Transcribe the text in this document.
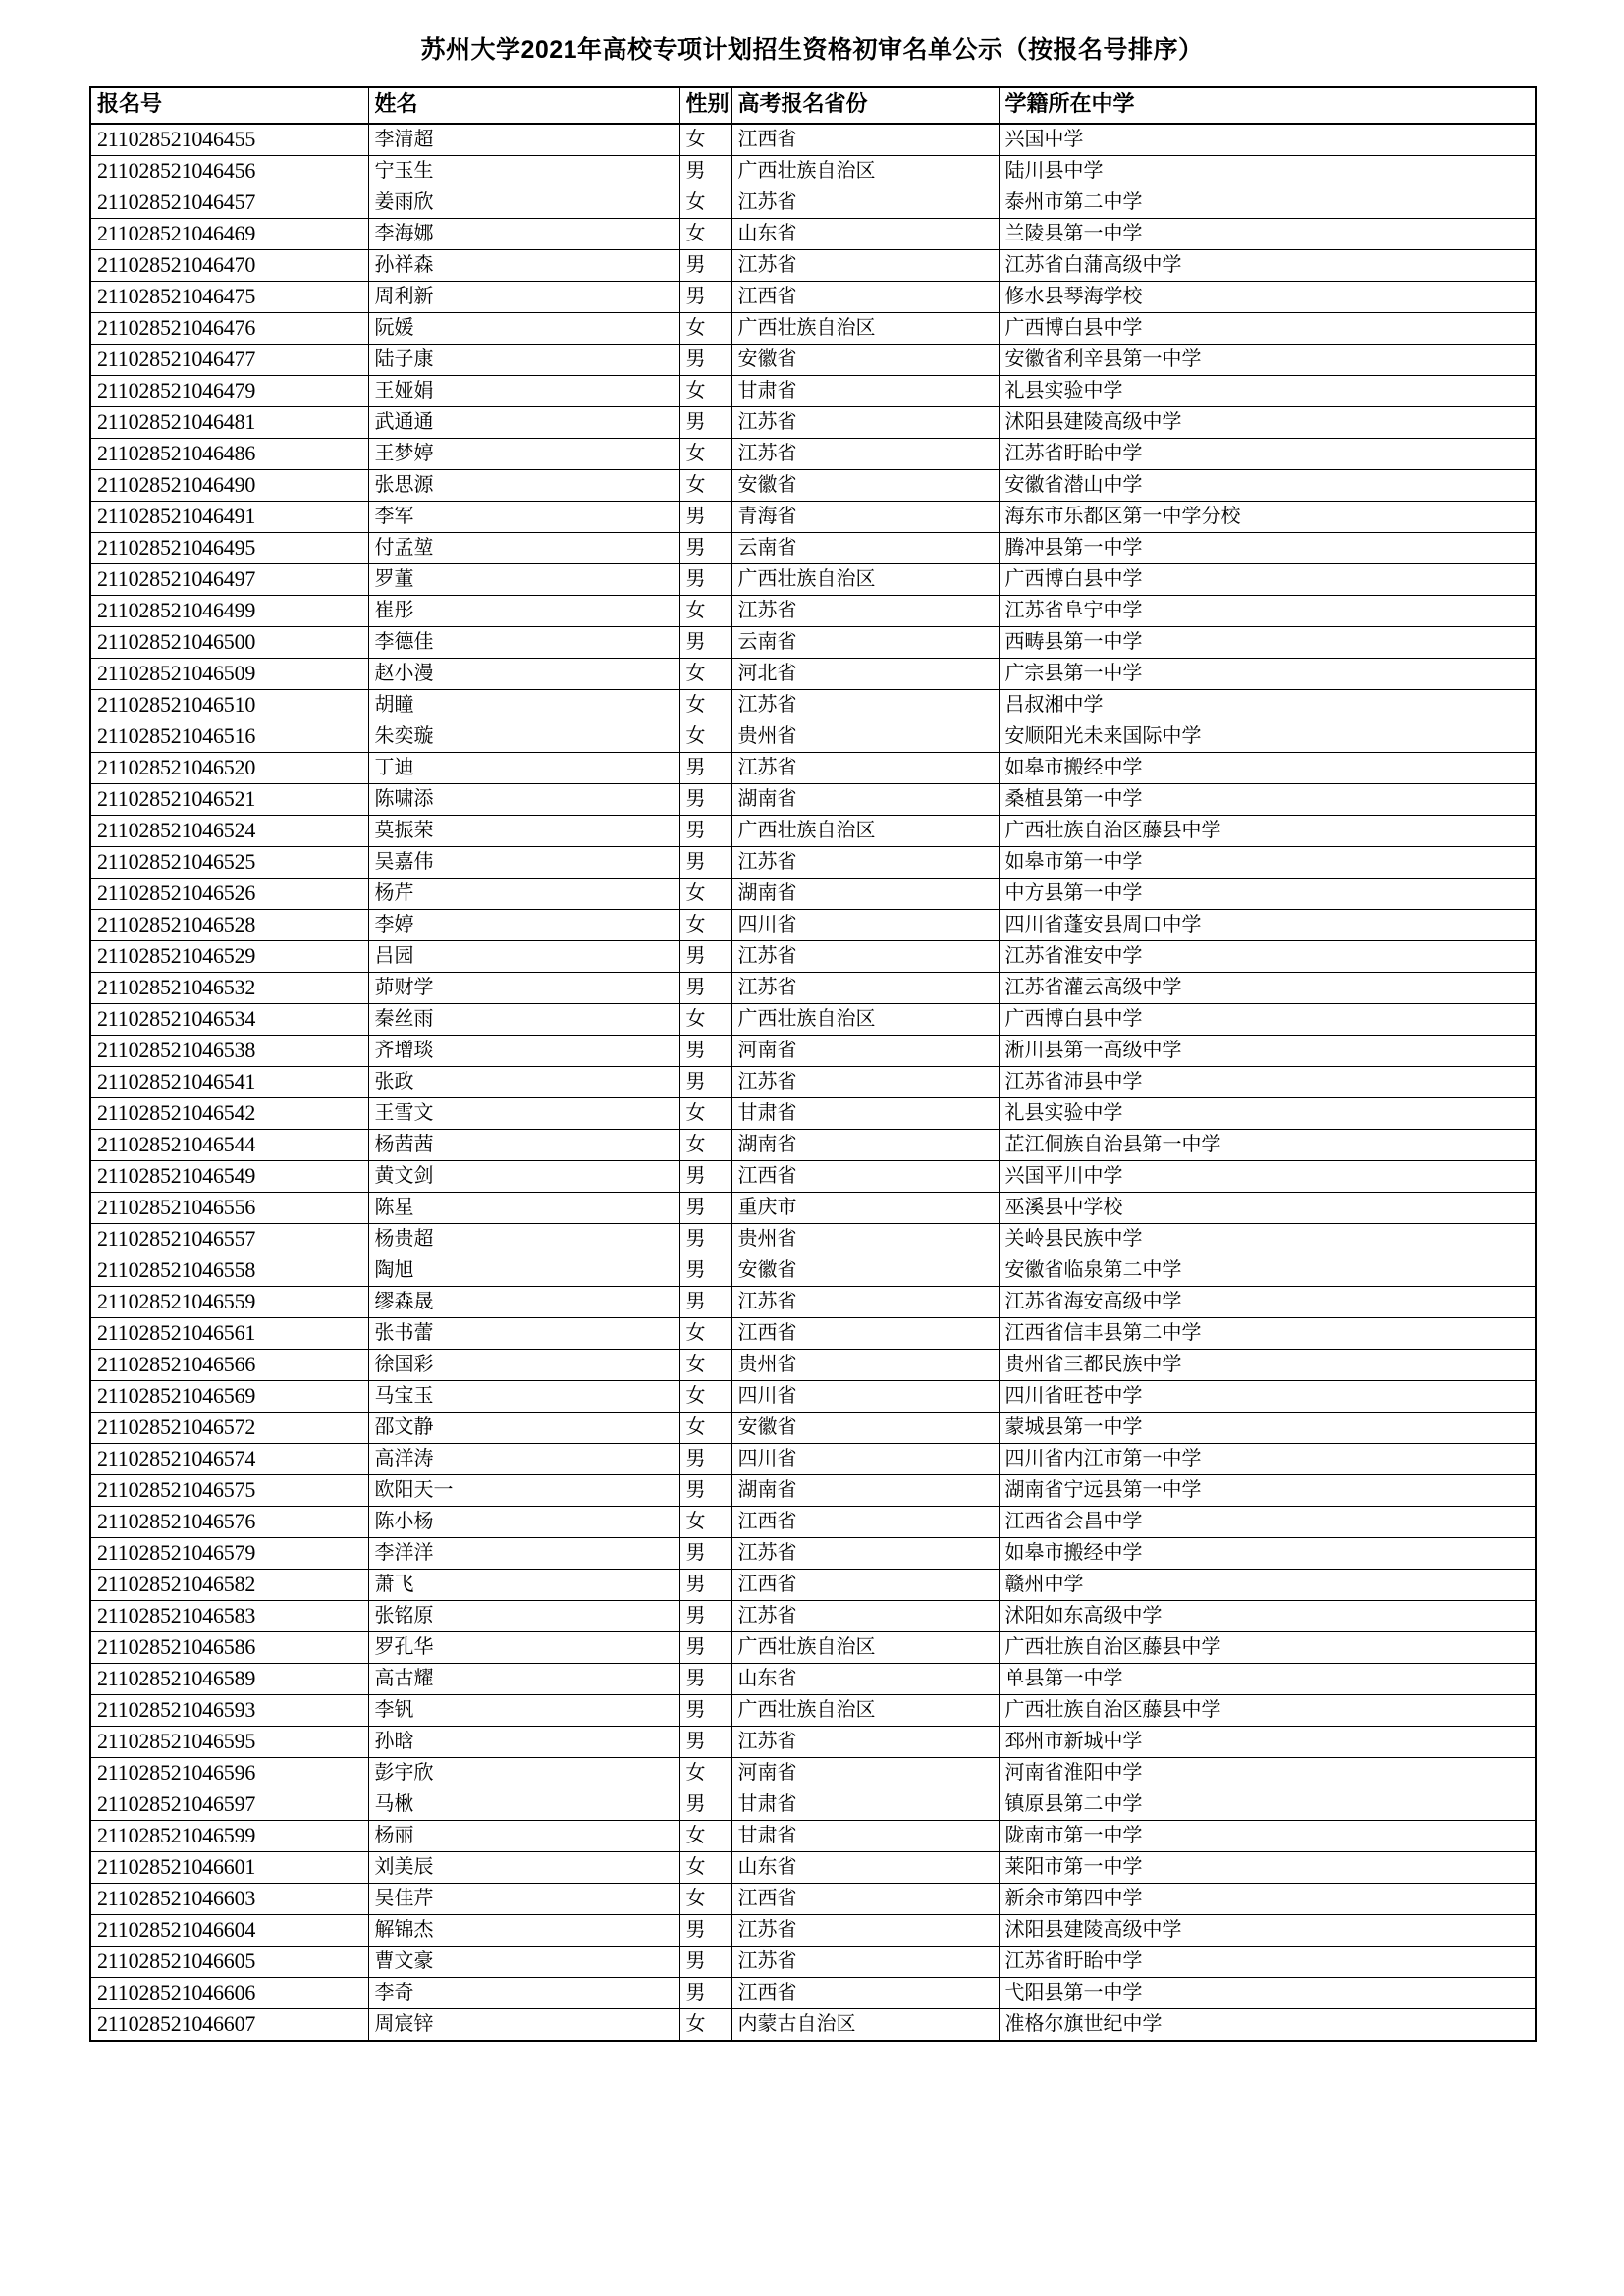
苏州大学2021年高校专项计划招生资格初审名单公示（按报名号排序）
报名号	姓名	性别	高考报名省份	学籍所在中学
211028521046455	李清超	女	江西省	兴国中学
211028521046456	宁玉生	男	广西壮族自治区	陆川县中学
211028521046457	姜雨欣	女	江苏省	泰州市第二中学
211028521046469	李海娜	女	山东省	兰陵县第一中学
211028521046470	孙祥森	男	江苏省	江苏省白蒲高级中学
211028521046475	周利新	男	江西省	修水县琴海学校
211028521046476	阮媛	女	广西壮族自治区	广西博白县中学
211028521046477	陆子康	男	安徽省	安徽省利辛县第一中学
211028521046479	王娅娟	女	甘肃省	礼县实验中学
211028521046481	武通通	男	江苏省	沭阳县建陵高级中学
211028521046486	王梦婷	女	江苏省	江苏省盱眙中学
211028521046490	张思源	女	安徽省	安徽省潜山中学
211028521046491	李军	男	青海省	海东市乐都区第一中学分校
211028521046495	付孟堃	男	云南省	腾冲县第一中学
211028521046497	罗董	男	广西壮族自治区	广西博白县中学
211028521046499	崔彤	女	江苏省	江苏省阜宁中学
211028521046500	李德佳	男	云南省	西畴县第一中学
211028521046509	赵小漫	女	河北省	广宗县第一中学
211028521046510	胡瞳	女	江苏省	吕叔湘中学
211028521046516	朱奕璇	女	贵州省	安顺阳光未来国际中学
211028521046520	丁迪	男	江苏省	如皋市搬经中学
211028521046521	陈啸添	男	湖南省	桑植县第一中学
211028521046524	莫振荣	男	广西壮族自治区	广西壮族自治区藤县中学
211028521046525	吴嘉伟	男	江苏省	如皋市第一中学
211028521046526	杨芹	女	湖南省	中方县第一中学
211028521046528	李婷	女	四川省	四川省蓬安县周口中学
211028521046529	吕园	男	江苏省	江苏省淮安中学
211028521046532	茆财学	男	江苏省	江苏省灌云高级中学
211028521046534	秦丝雨	女	广西壮族自治区	广西博白县中学
211028521046538	齐增琰	男	河南省	淅川县第一高级中学
211028521046541	张政	男	江苏省	江苏省沛县中学
211028521046542	王雪文	女	甘肃省	礼县实验中学
211028521046544	杨茜茜	女	湖南省	芷江侗族自治县第一中学
211028521046549	黄文剑	男	江西省	兴国平川中学
211028521046556	陈星	男	重庆市	巫溪县中学校
211028521046557	杨贵超	男	贵州省	关岭县民族中学
211028521046558	陶旭	男	安徽省	安徽省临泉第二中学
211028521046559	缪森晟	男	江苏省	江苏省海安高级中学
211028521046561	张书蕾	女	江西省	江西省信丰县第二中学
211028521046566	徐国彩	女	贵州省	贵州省三都民族中学
211028521046569	马宝玉	女	四川省	四川省旺苍中学
211028521046572	邵文静	女	安徽省	蒙城县第一中学
211028521046574	高洋涛	男	四川省	四川省内江市第一中学
211028521046575	欧阳天一	男	湖南省	湖南省宁远县第一中学
211028521046576	陈小杨	女	江西省	江西省会昌中学
211028521046579	李洋洋	男	江苏省	如皋市搬经中学
211028521046582	萧飞	男	江西省	赣州中学
211028521046583	张铭原	男	江苏省	沭阳如东高级中学
211028521046586	罗孔华	男	广西壮族自治区	广西壮族自治区藤县中学
211028521046589	高古耀	男	山东省	单县第一中学
211028521046593	李钒	男	广西壮族自治区	广西壮族自治区藤县中学
211028521046595	孙晗	男	江苏省	邳州市新城中学
211028521046596	彭宇欣	女	河南省	河南省淮阳中学
211028521046597	马楸	男	甘肃省	镇原县第二中学
211028521046599	杨丽	女	甘肃省	陇南市第一中学
211028521046601	刘美辰	女	山东省	莱阳市第一中学
211028521046603	吴佳芹	女	江西省	新余市第四中学
211028521046604	解锦杰	男	江苏省	沭阳县建陵高级中学
211028521046605	曹文豪	男	江苏省	江苏省盱眙中学
211028521046606	李奇	男	江西省	弋阳县第一中学
211028521046607	周宸锌	女	内蒙古自治区	准格尔旗世纪中学
